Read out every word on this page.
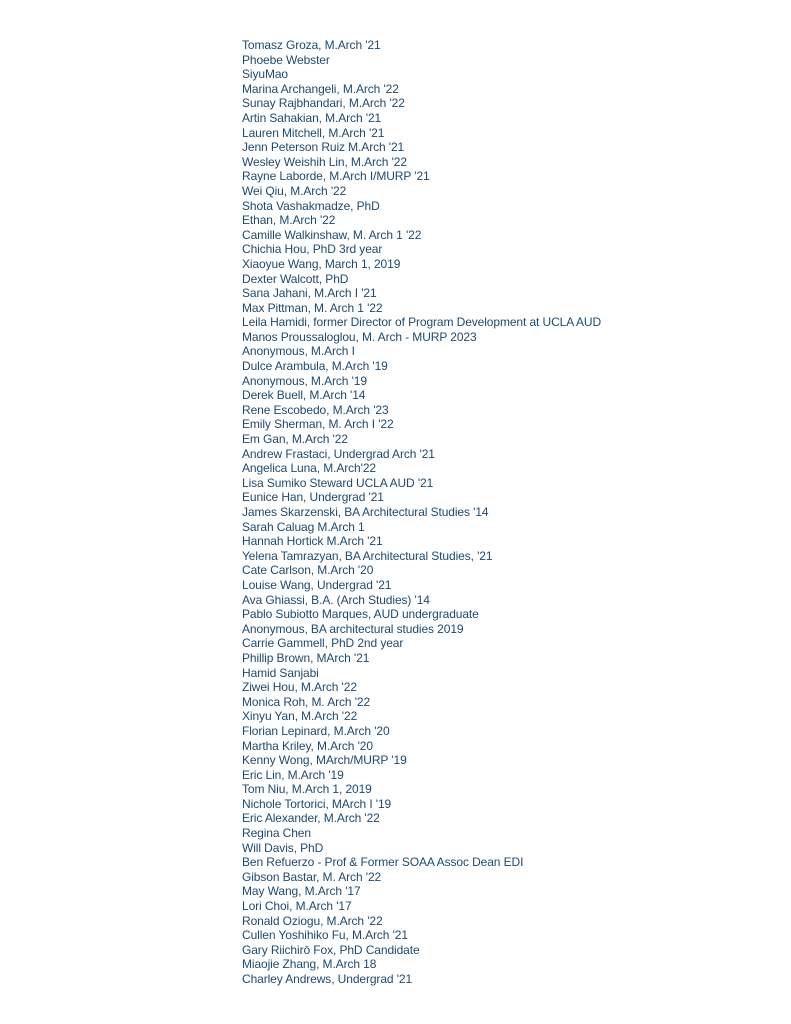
Tomasz Groza, M.Arch '21
Phoebe Webster
SiyuMao
Marina Archangeli, M.Arch '22
Sunay Rajbhandari, M.Arch '22
Artin Sahakian, M.Arch '21
Lauren Mitchell, M.Arch '21
Jenn Peterson Ruiz M.Arch '21
Wesley Weishih Lin, M.Arch '22
Rayne Laborde, M.Arch I/MURP '21
Wei Qiu, M.Arch '22
Shota Vashakmadze, PhD
Ethan, M.Arch '22
Camille Walkinshaw, M. Arch 1 '22
Chichia Hou, PhD 3rd year
Xiaoyue Wang, March 1, 2019
Dexter Walcott, PhD
Sana Jahani, M.Arch I '21
Max Pittman, M. Arch 1 '22
Leila Hamidi, former Director of Program Development at UCLA AUD
Manos Proussaloglou, M. Arch - MURP 2023
Anonymous, M.Arch I
Dulce Arambula, M.Arch '19
Anonymous, M.Arch '19
Derek Buell, M.Arch '14
Rene Escobedo, M.Arch '23
Emily Sherman, M. Arch I '22
Em Gan, M.Arch '22
Andrew Frastaci, Undergrad Arch '21
Angelica Luna, M.Arch'22
Lisa Sumiko Steward UCLA AUD '21
Eunice Han, Undergrad '21
James Skarzenski, BA Architectural Studies '14
Sarah Caluag M.Arch 1
Hannah Hortick M.Arch '21
Yelena Tamrazyan, BA Architectural Studies, '21
Cate Carlson, M.Arch '20
Louise Wang, Undergrad '21
Ava Ghiassi, B.A. (Arch Studies) '14
Pablo Subiotto Marques, AUD undergraduate
Anonymous, BA architectural studies 2019
Carrie Gammell, PhD 2nd year
Phillip Brown, MArch '21
Hamid Sanjabi
Ziwei Hou, M.Arch '22
Monica Roh, M. Arch '22
Xinyu Yan, M.Arch '22
Florian Lepinard, M.Arch '20
Martha Kriley, M.Arch '20
Kenny Wong, MArch/MURP '19
Eric Lin, M.Arch '19
Tom Niu, M.Arch 1, 2019
Nichole Tortorici, MArch I '19
Eric Alexander, M.Arch '22
Regina Chen
Will Davis, PhD
Ben Refuerzo - Prof & Former SOAA Assoc Dean EDI
Gibson Bastar, M. Arch '22
May Wang, M.Arch '17
Lori Choi, M.Arch '17
Ronald Oziogu, M.Arch '22
Cullen Yoshihiko Fu, M.Arch '21
Gary Riichirō Fox, PhD Candidate
Miaojie Zhang, M.Arch 18
Charley Andrews, Undergrad '21
